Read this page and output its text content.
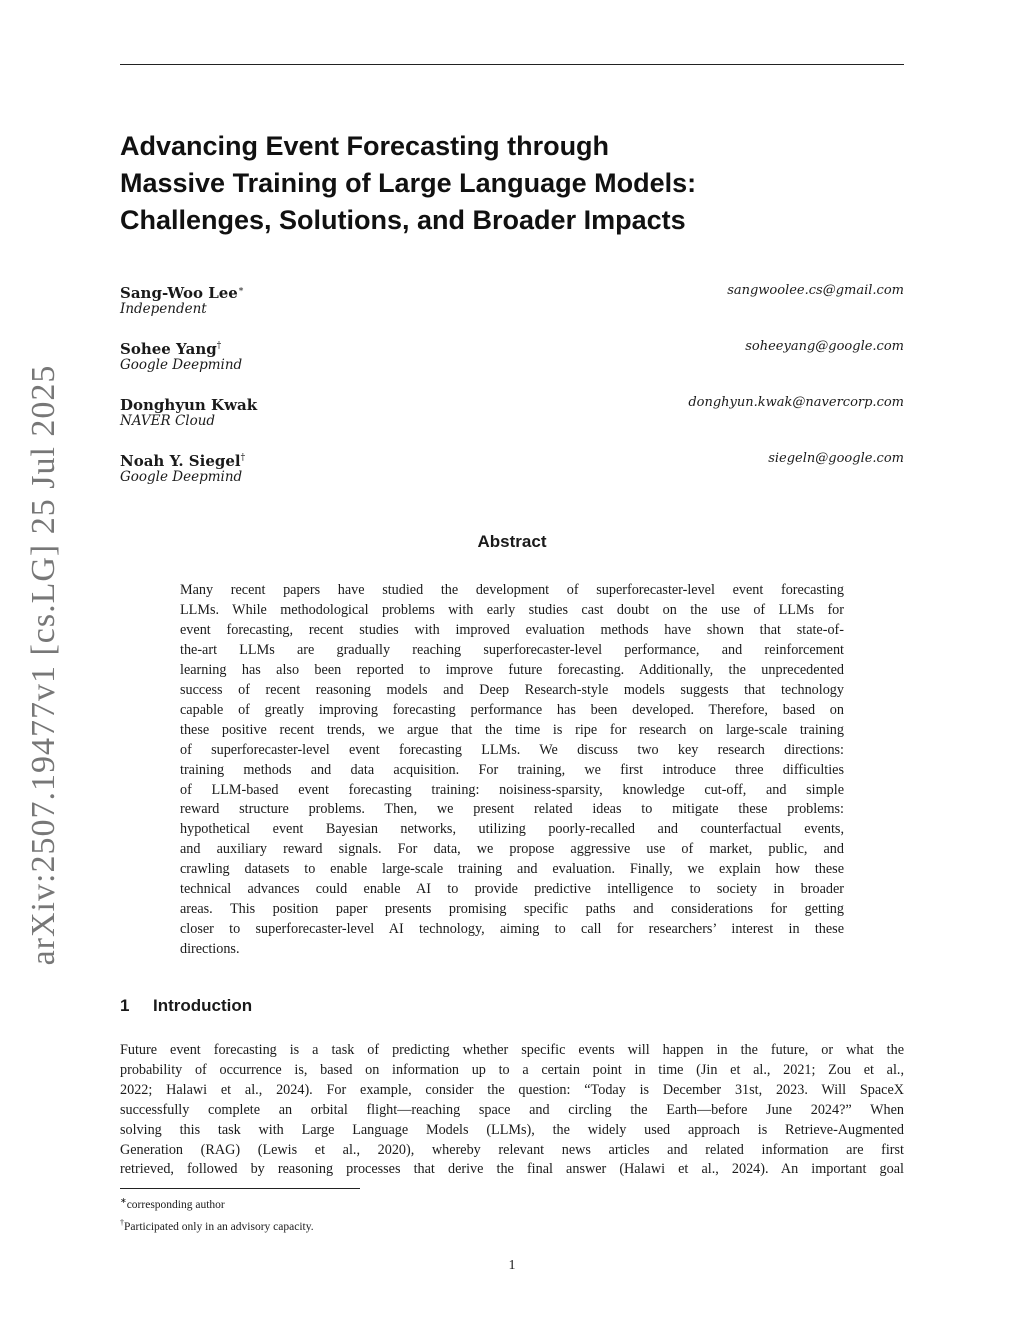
arXiv:2507.19477v1 [cs.LG] 25 Jul 2025
Advancing Event Forecasting through
Massive Training of Large Language Models:
Challenges, Solutions, and Broader Impacts
Sang-Woo Lee∗
Independent
sangwoolee.cs@gmail.com
Sohee Yang†
Google Deepmind
soheeyang@google.com
Donghyun Kwak
NAVER Cloud
donghyun.kwak@navercorp.com
Noah Y. Siegel†
Google Deepmind
siegeln@google.com
Abstract
Many recent papers have studied the development of superforecaster-level event forecasting
LLMs. While methodological problems with early studies cast doubt on the use of LLMs for
event forecasting, recent studies with improved evaluation methods have shown that state-of-
the-art LLMs are gradually reaching superforecaster-level performance, and reinforcement
learning has also been reported to improve future forecasting. Additionally, the unprecedented
success of recent reasoning models and Deep Research-style models suggests that technology
capable of greatly improving forecasting performance has been developed. Therefore, based on
these positive recent trends, we argue that the time is ripe for research on large-scale training
of superforecaster-level event forecasting LLMs. We discuss two key research directions:
training methods and data acquisition. For training, we first introduce three difficulties
of LLM-based event forecasting training: noisiness-sparsity, knowledge cut-off, and simple
reward structure problems. Then, we present related ideas to mitigate these problems:
hypothetical event Bayesian networks, utilizing poorly-recalled and counterfactual events,
and auxiliary reward signals. For data, we propose aggressive use of market, public, and
crawling datasets to enable large-scale training and evaluation. Finally, we explain how these
technical advances could enable AI to provide predictive intelligence to society in broader
areas. This position paper presents promising specific paths and considerations for getting
closer to superforecaster-level AI technology, aiming to call for researchers’ interest in these
directions.
1 Introduction
Future event forecasting is a task of predicting whether specific events will happen in the future, or what the
probability of occurrence is, based on information up to a certain point in time (Jin et al., 2021; Zou et al.,
2022; Halawi et al., 2024). For example, consider the question: “Today is December 31st, 2023. Will SpaceX
successfully complete an orbital flight—reaching space and circling the Earth—before June 2024?” When
solving this task with Large Language Models (LLMs), the widely used approach is Retrieve-Augmented
Generation (RAG) (Lewis et al., 2020), whereby relevant news articles and related information are first
retrieved, followed by reasoning processes that derive the final answer (Halawi et al., 2024). An important goal
∗corresponding author
†Participated only in an advisory capacity.
1
